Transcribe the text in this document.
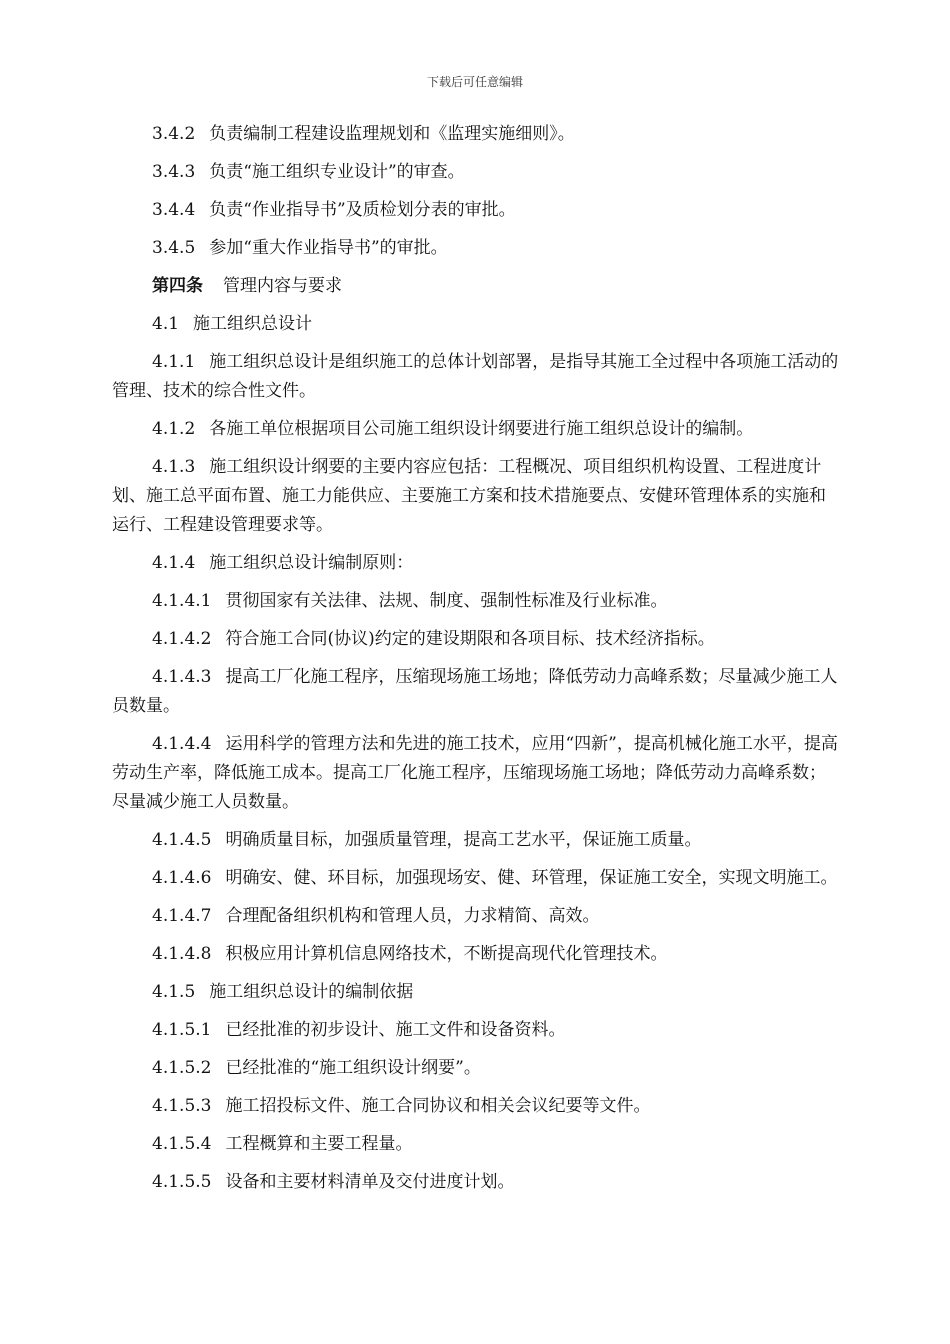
下载后可任意编辑

3.4.2 负责编制工程建设监理规划和《监理实施细则》。

3.4.3 负责“施工组织专业设计”的审查。

3.4.4 负责“作业指导书”及质检划分表的审批。

3.4.5 参加“重大作业指导书”的审批。

第四条 管理内容与要求

4.1 施工组织总设计

4.1.1 施工组织总设计是组织施工的总体计划部署，是指导其施工全过程中各项施工活动的管理、技术的综合性文件。

4.1.2 各施工单位根据项目公司施工组织设计纲要进行施工组织总设计的编制。

4.1.3 施工组织设计纲要的主要内容应包括：工程概况、项目组织机构设置、工程进度计划、施工总平面布置、施工力能供应、主要施工方案和技术措施要点、安健环管理体系的实施和运行、工程建设管理要求等。

4.1.4 施工组织总设计编制原则：

4.1.4.1 贯彻国家有关法律、法规、制度、强制性标准及行业标准。

4.1.4.2 符合施工合同(协议)约定的建设期限和各项目标、技术经济指标。

4.1.4.3 提高工厂化施工程序，压缩现场施工场地；降低劳动力高峰系数；尽量减少施工人员数量。

4.1.4.4 运用科学的管理方法和先进的施工技术，应用“四新”，提高机械化施工水平，提高劳动生产率，降低施工成本。提高工厂化施工程序，压缩现场施工场地；降低劳动力高峰系数；尽量减少施工人员数量。

4.1.4.5 明确质量目标，加强质量管理，提高工艺水平，保证施工质量。

4.1.4.6 明确安、健、环目标，加强现场安、健、环管理，保证施工安全，实现文明施工。

4.1.4.7 合理配备组织机构和管理人员，力求精简、高效。

4.1.4.8 积极应用计算机信息网络技术，不断提高现代化管理技术。

4.1.5 施工组织总设计的编制依据

4.1.5.1 已经批准的初步设计、施工文件和设备资料。

4.1.5.2 已经批准的“施工组织设计纲要”。

4.1.5.3 施工招投标文件、施工合同协议和相关会议纪要等文件。

4.1.5.4 工程概算和主要工程量。

4.1.5.5 设备和主要材料清单及交付进度计划。
